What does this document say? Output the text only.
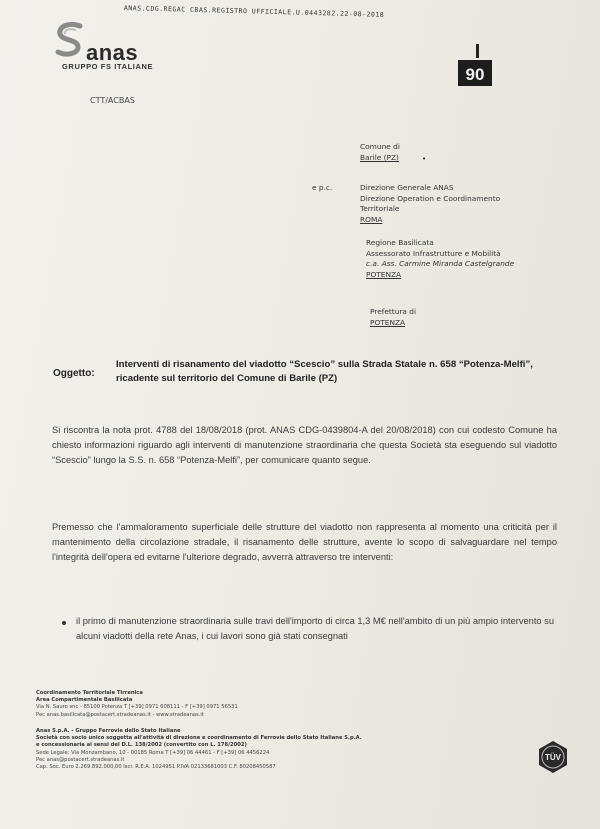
ANAS.CDG.REGAC CBAS.REGISTRO UFFICIALE.U.0443282.22-08-2018
anas
GRUPPO FS ITALIANE	90
CTT/ACBAS
Comune di
Barile (PZ)	•
e p.c.	Direzione Generale ANAS
Direzione Operation e Coordinamento
Territoriale
ROMA
Regione Basilicata
Assessorato Infrastrutture e Mobilità
c.a. Ass. Carmine Miranda Castelgrande
POTENZA
Prefettura di
POTENZA
Oggetto:
Interventi di risanamento del viadotto “Scescio” sulla Strada Statale n. 658 “Potenza-Melfi”, ricadente sul territorio del Comune di Barile (PZ)
Si riscontra la nota prot. 4788 del 18/08/2018 (prot. ANAS CDG-0439804-A del 20/08/2018) con cui codesto Comune ha chiesto informazioni riguardo agli interventi di manutenzione straordinaria che questa Società sta eseguendo sul viadotto “Scescio” lungo la S.S. n. 658 “Potenza-Melfi”, per comunicare quanto segue.
Premesso che l'ammaloramento superficiale delle strutture del viadotto non rappresenta al momento una criticità per il mantenimento della circolazione stradale, il risanamento delle strutture, avente lo scopo di salvaguardare nel tempo l'integrità dell'opera ed evitarne l'ulteriore degrado, avverrà attraverso tre interventi:
il primo di manutenzione straordinaria sulle travi dell'importo di circa 1,3 M€ nell'ambito di un più ampio intervento su alcuni viadotti della rete Anas, i cui lavori sono già stati consegnati
Coordinamento Territoriale Tirrenica
Area Compartimentale Basilicata
Via N. Sauro snc - 85100 Potenza T [+39] 0971 608111 - F [+39] 0971 56531
Pec anas.basilicata@postacert.stradeanas.it - www.stradeanas.it
Anas S.p.A. - Gruppo Ferrovie dello Stato Italiane
Società con socio unico soggetta all'attività di direzione e coordinamento di Ferrovie dello Stato Italiane S.p.A.
e concessionaria ai sensi del D.L. 138/2002 (convertito con L. 178/2002)
Sede Legale: Via Monzambano, 10 - 00185 Roma T [+39] 06 44461 - F [+39] 06 4456224
Pec anas@postacert.stradeanas.it
Cap. Soc. Euro 2.269.892.000,00 Iscr. R.E.A. 1024951 P.IVA 02133681003 C.F. 80208450587
TÜV
